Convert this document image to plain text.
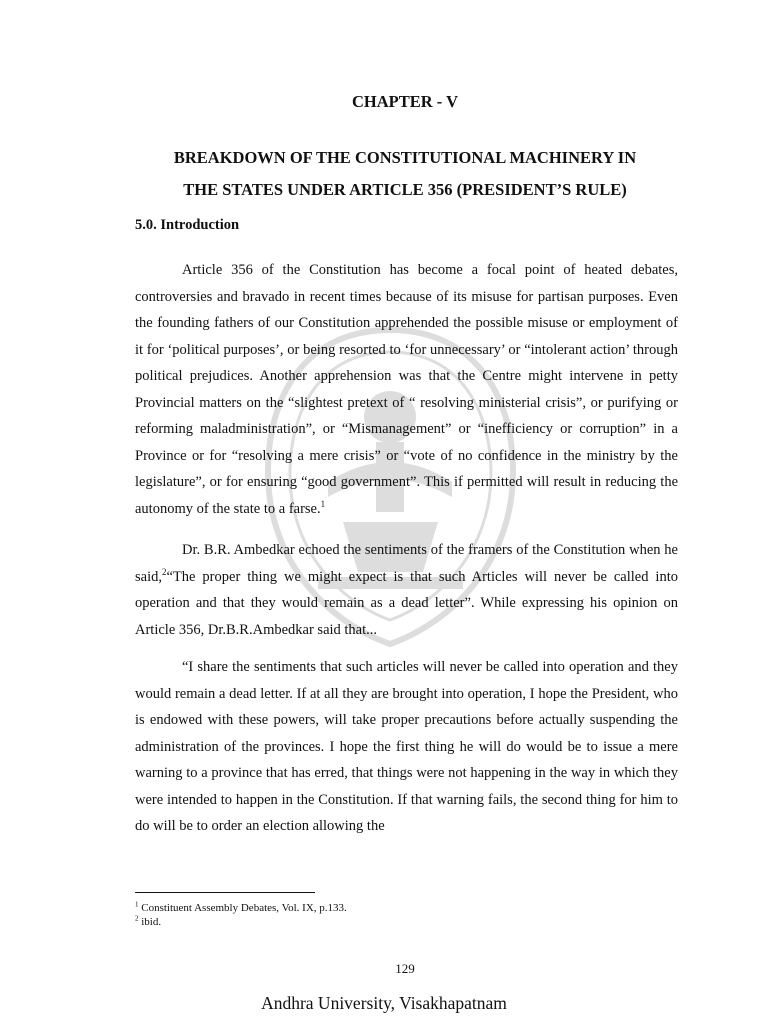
CHAPTER - V
BREAKDOWN OF THE CONSTITUTIONAL MACHINERY IN
THE STATES UNDER ARTICLE 356 (PRESIDENT’S RULE)
5.0. Introduction

Article 356 of the Constitution has become a focal point of heated debates, controversies and bravado in recent times because of its misuse for partisan purposes. Even the founding fathers of our Constitution apprehended the possible misuse or employment of it for ‘political purposes’, or being resorted to ‘for unnecessary’ or “intolerant action’ through political prejudices. Another apprehension was that the Centre might intervene in petty Provincial matters on the “slightest pretext of “ resolving ministerial crisis”, or purifying or reforming maladministration”, or “Mismanagement” or “inefficiency or corruption” in a Province or for “resolving a mere crisis” or “vote of no confidence in the ministry by the legislature”, or for ensuring “good government”. This if permitted will result in reducing the autonomy of the state to a farse.$^1$

Dr. B.R. Ambedkar echoed the sentiments of the framers of the Constitution when he said,$^2$“The proper thing we might expect is that such Articles will never be called into operation and that they would remain as a dead letter”. While expressing his opinion on Article 356, Dr.B.R.Ambedkar said that...

“I share the sentiments that such articles will never be called into operation and they would remain a dead letter. If at all they are brought into operation, I hope the President, who is endowed with these powers, will take proper precautions before actually suspending the administration of the provinces. I hope the first thing he will do would be to issue a mere warning to a province that has erred, that things were not happening in the way in which they were intended to happen in the Constitution. If that warning fails, the second thing for him to do will be to order an election allowing the

$^1$ Constituent Assembly Debates, Vol. IX, p.133.
$^2$ ibid.
129
Andhra University, Visakhapatnam
